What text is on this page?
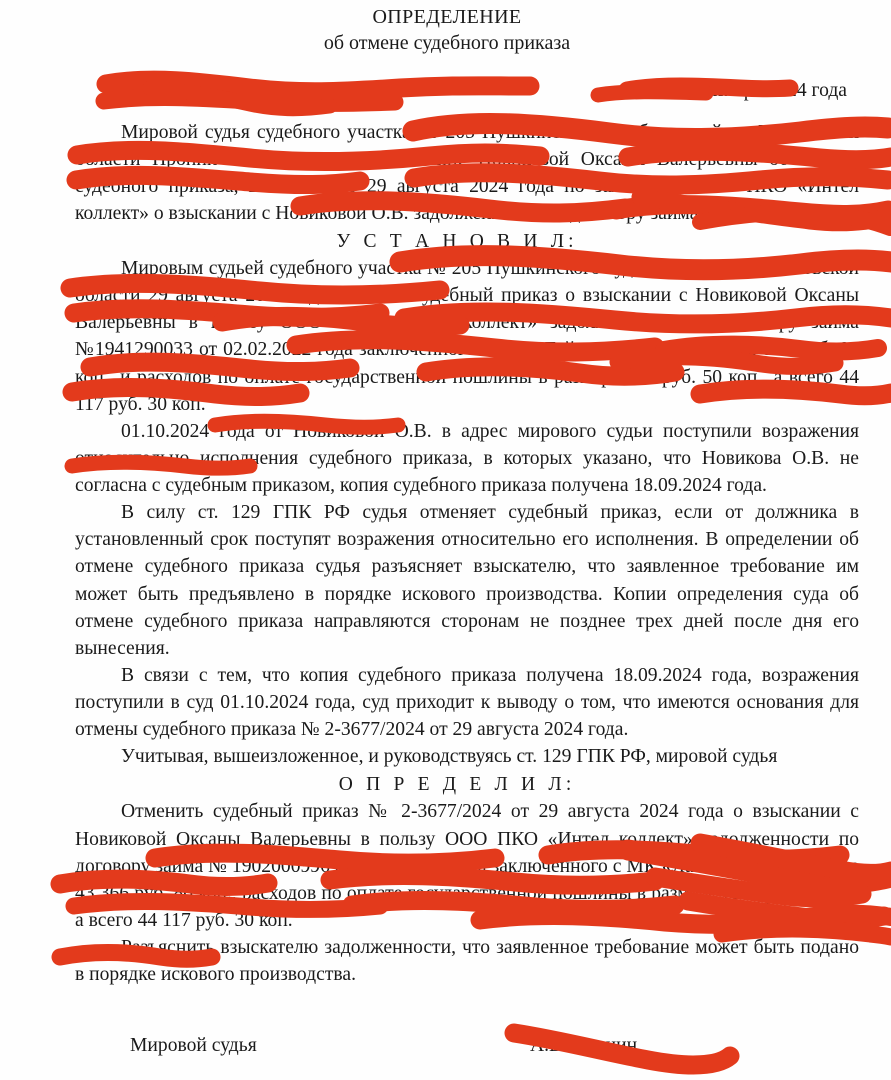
ОПРЕДЕЛЕНИЕ
об отмене судебного приказа
Пушкинский р-н МО	04 октября 2024 года

Мировой судья судебного участка № 205 Пушкинского судебного района Московской области Пронин А.В. рассмотрев заявление Новиковой Оксаны Валерьевны об отмене судебного приказа, вынесенного 29 августа 2024 года по заявлению ООО ПКО «Интел коллект» о взыскании с Новиковой О.В. задолженности по договору займа,

У С Т А Н О В И Л:

Мировым судьей судебного участка № 205 Пушкинского судебного района Московской области 29 августа 2024 года вынесен судебный приказ о взыскании с Новиковой Оксаны Валерьевны в пользу ООО ПКО «Интел коллект» задолженности по договору займа №1941290033 от 02.02.2022 года заключенного с МК «Лайм-Займ» в размере 43 366 руб. 80 коп., и расходов по оплате государственной пошлины в размере 750 руб. 50 коп., а всего 44 117 руб. 30 коп.

01.10.2024 года от Новиковой О.В. в адрес мирового судьи поступили возражения относительно исполнения судебного приказа, в которых указано, что Новикова О.В. не согласна с судебным приказом, копия судебного приказа получена 18.09.2024 года.

В силу ст. 129 ГПК РФ судья отменяет судебный приказ, если от должника в установленный срок поступят возражения относительно его исполнения. В определении об отмене судебного приказа судья разъясняет взыскателю, что заявленное требование им может быть предъявлено в порядке искового производства. Копии определения суда об отмене судебного приказа направляются сторонам не позднее трех дней после дня его вынесения.

В связи с тем, что копия судебного приказа получена 18.09.2024 года, возражения поступили в суд 01.10.2024 года, суд приходит к выводу о том, что имеются основания для отмены судебного приказа № 2-3677/2024 от 29 августа 2024 года.

Учитывая, вышеизложенное, и руководствуясь ст. 129 ГПК РФ, мировой судья

О П Р Е Д Е Л И Л:

Отменить судебный приказ № 2-3677/2024 от 29 августа 2024 года о взыскании с Новиковой Оксаны Валерьевны в пользу ООО ПКО «Интел коллект» задолженности по договору займа № 1902000996 от 02.02.2022 года заключенного с МК «Лайм-Займ» в размере 43 366 руб. 80 коп., расходов по оплате государственной пошлины в размере 750 руб. 50 коп., а всего 44 117 руб. 30 коп.

Разъяснить взыскателю задолженности, что заявленное требование может быть подано в порядке искового производства.

Мировой судья	А.В. Пронин
